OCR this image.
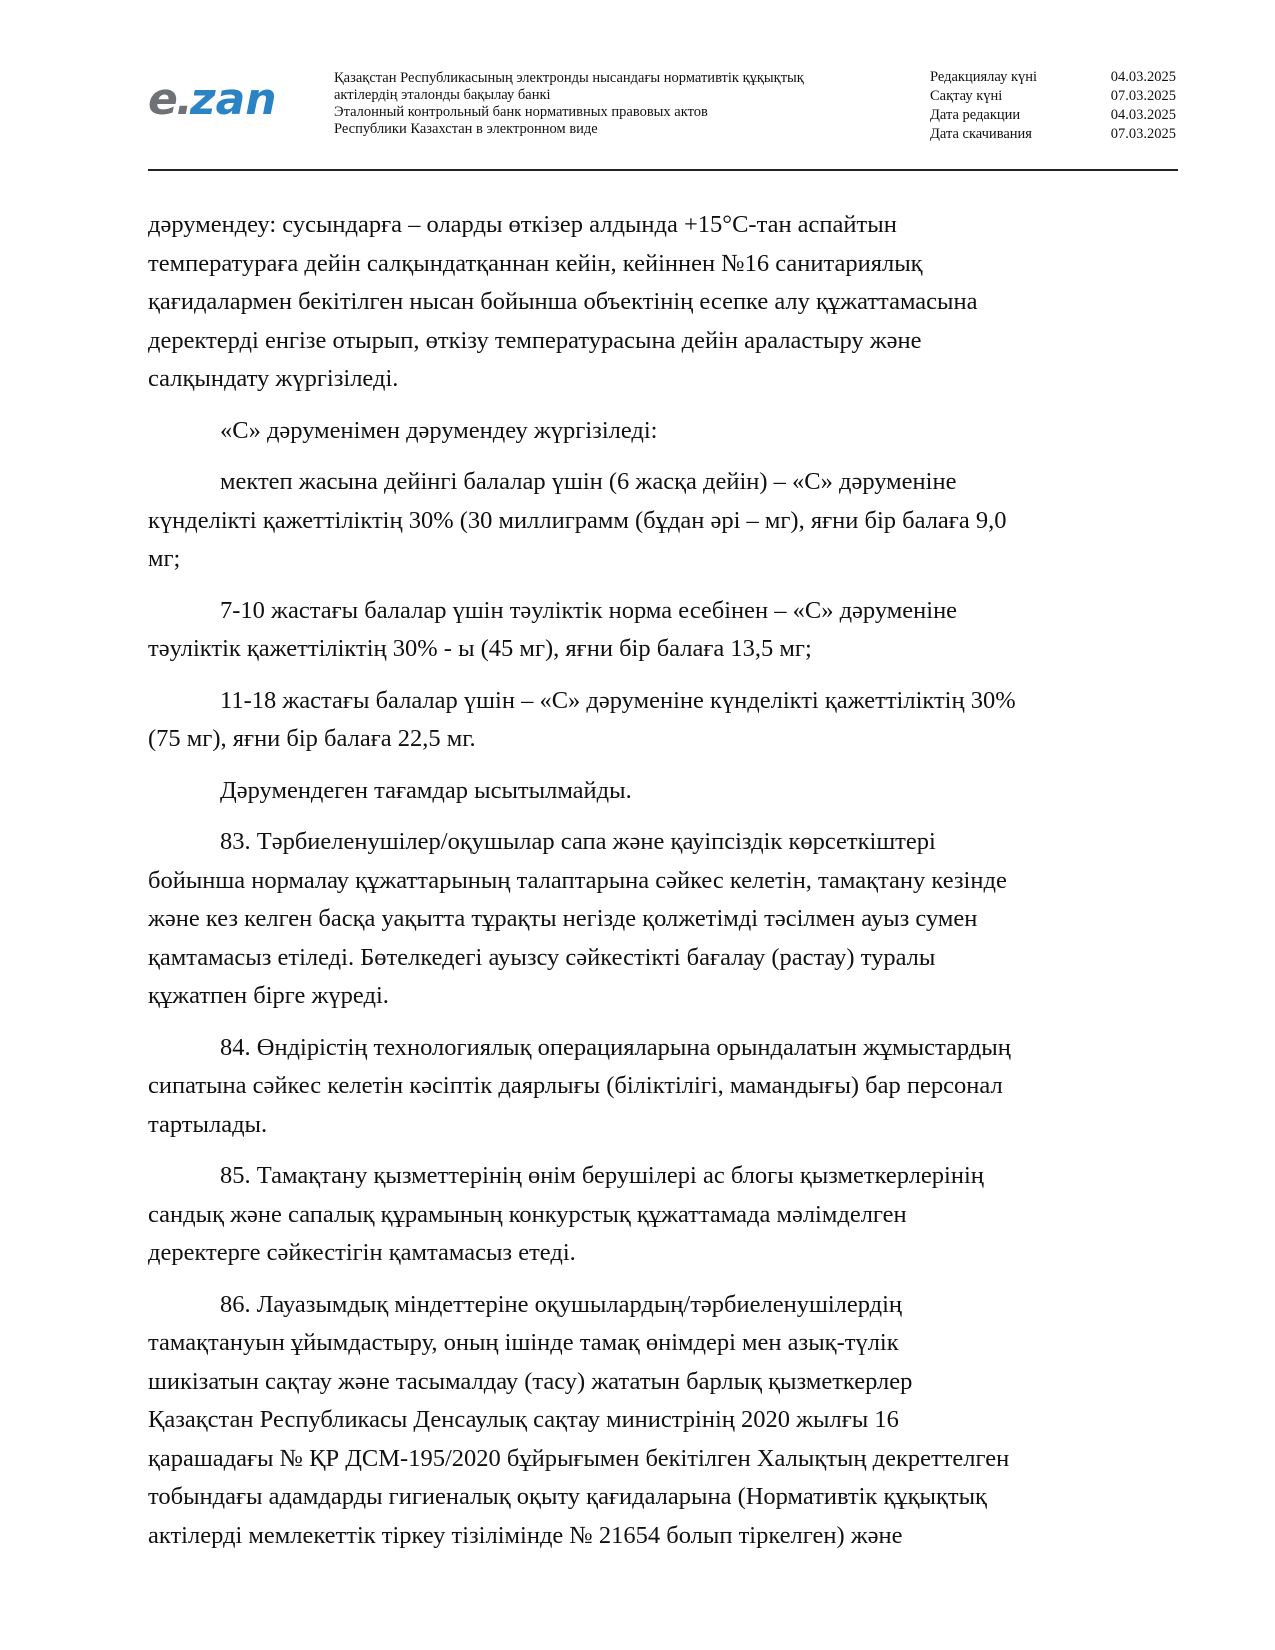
e
.
zan	Қазақстан Республикасының электронды нысандағы нормативтік құқықтық
актілердің эталонды бақылау банкі
Эталонный контрольный банк нормативных правовых актов
Республики Казахстан в электронном виде
Редакциялау күні	04.03.2025
Сақтау күні	07.03.2025
Дата редакции	04.03.2025
Дата скачивания	07.03.2025
дәрумендеу: сусындарға – оларды өткізер алдында +15°С-тан аспайтын
температураға дейін салқындатқаннан кейін, кейіннен №16 санитариялық
қағидалармен бекітілген нысан бойынша объектінің есепке алу құжаттамасына
деректерді енгізе отырып, өткізу температурасына дейін араластыру және
салқындату жүргізіледі.
«С» дәруменімен дәрумендеу жүргізіледі:
мектеп жасына дейінгі балалар үшін (6 жасқа дейін) – «С» дәруменіне
күнделікті қажеттіліктің 30% (30 миллиграмм (бұдан әрі – мг), яғни бір балаға 9,0
мг;
7-10 жастағы балалар үшін тәуліктік норма есебінен – «С» дәруменіне
тәуліктік қажеттіліктің 30% - ы (45 мг), яғни бір балаға 13,5 мг;
11-18 жастағы балалар үшін – «С» дәруменіне күнделікті қажеттіліктің 30%
(75 мг), яғни бір балаға 22,5 мг.
Дәрумендеген тағамдар ысытылмайды.
83. Тәрбиеленушілер/оқушылар сапа және қауіпсіздік көрсеткіштері
бойынша нормалау құжаттарының талаптарына сәйкес келетін, тамақтану кезінде
және кез келген басқа уақытта тұрақты негізде қолжетімді тәсілмен ауыз сумен
қамтамасыз етіледі. Бөтелкедегі ауызсу сәйкестікті бағалау (растау) туралы
құжатпен бірге жүреді.
84. Өндірістің технологиялық операцияларына орындалатын жұмыстардың
сипатына сәйкес келетін кәсіптік даярлығы (біліктілігі, мамандығы) бар персонал
тартылады.
85. Тамақтану қызметтерінің өнім берушілері ас блогы қызметкерлерінің
сандық және сапалық құрамының конкурстық құжаттамада мәлімделген
деректерге сәйкестігін қамтамасыз етеді.
86. Лауазымдық міндеттеріне оқушылардың/тәрбиеленушілердің
тамақтануын ұйымдастыру, оның ішінде тамақ өнімдері мен азық-түлік
шикізатын сақтау және тасымалдау (тасу) жататын барлық қызметкерлер
Қазақстан Республикасы Денсаулық сақтау министрінің 2020 жылғы 16
қарашадағы № ҚР ДСМ-195/2020 бұйрығымен бекітілген Халықтың декреттелген
тобындағы адамдарды гигиеналық оқыту қағидаларына (Нормативтік құқықтық
актілерді мемлекеттік тіркеу тізілімінде № 21654 болып тіркелген) және
